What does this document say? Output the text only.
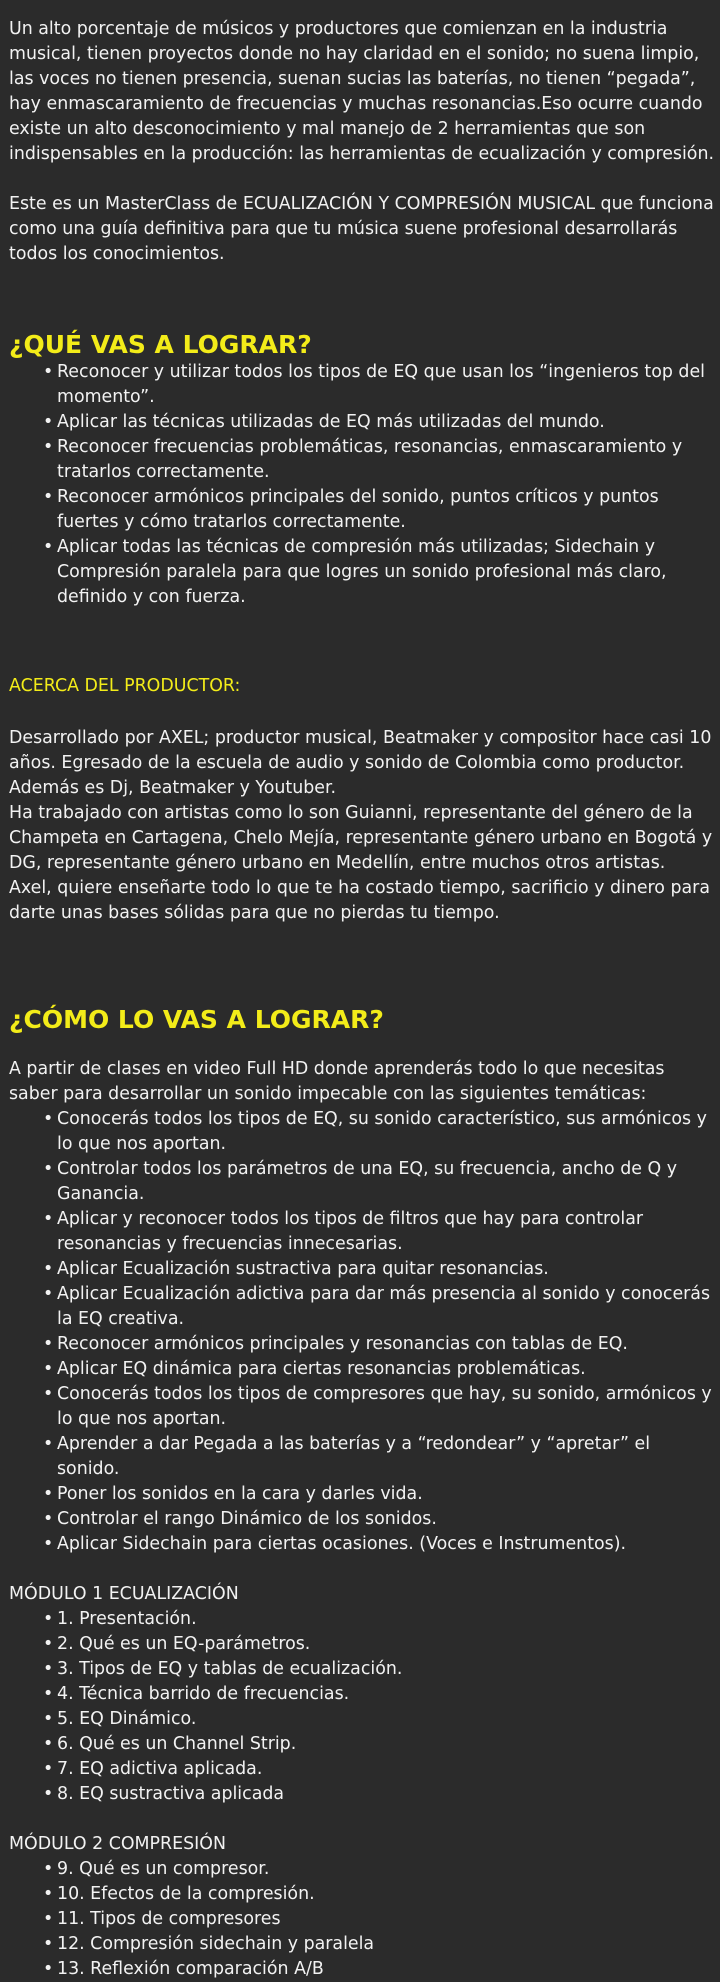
Un alto porcentaje de músicos y productores que comienzan en la industria musical, tienen proyectos donde no hay claridad en el sonido; no suena limpio, las voces no tienen presencia, suenan sucias las baterías, no tienen “pegada”, hay enmascaramiento de frecuencias y muchas resonancias.Eso ocurre cuando existe un alto desconocimiento y mal manejo de 2 herramientas que son indispensables en la producción: las herramientas de ecualización y compresión.

Este es un MasterClass de ECUALIZACIÓN Y COMPRESIÓN MUSICAL que funciona como una guía definitiva para que tu música suene profesional desarrollarás todos los conocimientos.

¿QUÉ VAS A LOGRAR?
• Reconocer y utilizar todos los tipos de EQ que usan los “ingenieros top del momento”.
• Aplicar las técnicas utilizadas de EQ más utilizadas del mundo.
• Reconocer frecuencias problemáticas, resonancias, enmascaramiento y tratarlos correctamente.
• Reconocer armónicos principales del sonido, puntos críticos y puntos fuertes y cómo tratarlos correctamente.
• Aplicar todas las técnicas de compresión más utilizadas; Sidechain y Compresión paralela para que logres un sonido profesional más claro, definido y con fuerza.
ACERCA DEL PRODUCTOR:
Desarrollado por AXEL; productor musical, Beatmaker y compositor hace casi 10 años. Egresado de la escuela de audio y sonido de Colombia como productor. Además es Dj, Beatmaker y Youtuber.
Ha trabajado con artistas como lo son Guianni, representante del género de la Champeta en Cartagena, Chelo Mejía, representante género urbano en Bogotá y DG, representante género urbano en Medellín, entre muchos otros artistas.
Axel, quiere enseñarte todo lo que te ha costado tiempo, sacrificio y dinero para darte unas bases sólidas para que no pierdas tu tiempo.
¿CÓMO LO VAS A LOGRAR?

A partir de clases en video Full HD donde aprenderás todo lo que necesitas saber para desarrollar un sonido impecable con las siguientes temáticas:

• Conocerás todos los tipos de EQ, su sonido característico, sus armónicos y lo que nos aportan.
• Controlar todos los parámetros de una EQ, su frecuencia, ancho de Q y Ganancia.
• Aplicar y reconocer todos los tipos de filtros que hay para controlar resonancias y frecuencias innecesarias.
• Aplicar Ecualización sustractiva para quitar resonancias.
• Aplicar Ecualización adictiva para dar más presencia al sonido y conocerás la EQ creativa.
• Reconocer armónicos principales y resonancias con tablas de EQ.
• Aplicar EQ dinámica para ciertas resonancias problemáticas.
• Conocerás todos los tipos de compresores que hay, su sonido, armónicos y lo que nos aportan.
• Aprender a dar Pegada a las baterías y a “redondear” y “apretar” el sonido.
• Poner los sonidos en la cara y darles vida.
• Controlar el rango Dinámico de los sonidos.
• Aplicar Sidechain para ciertas ocasiones. (Voces e Instrumentos).
MÓDULO 1 ECUALIZACIÓN
• 1. Presentación.
• 2. Qué es un EQ-parámetros.
• 3. Tipos de EQ y tablas de ecualización.
• 4. Técnica barrido de frecuencias.
• 5. EQ Dinámico.
• 6. Qué es un Channel Strip.
• 7. EQ adictiva aplicada.
• 8. EQ sustractiva aplicada
MÓDULO 2 COMPRESIÓN
• 9. Qué es un compresor.
• 10. Efectos de la compresión.
• 11. Tipos de compresores
• 12. Compresión sidechain y paralela
• 13. Reflexión comparación A/B
